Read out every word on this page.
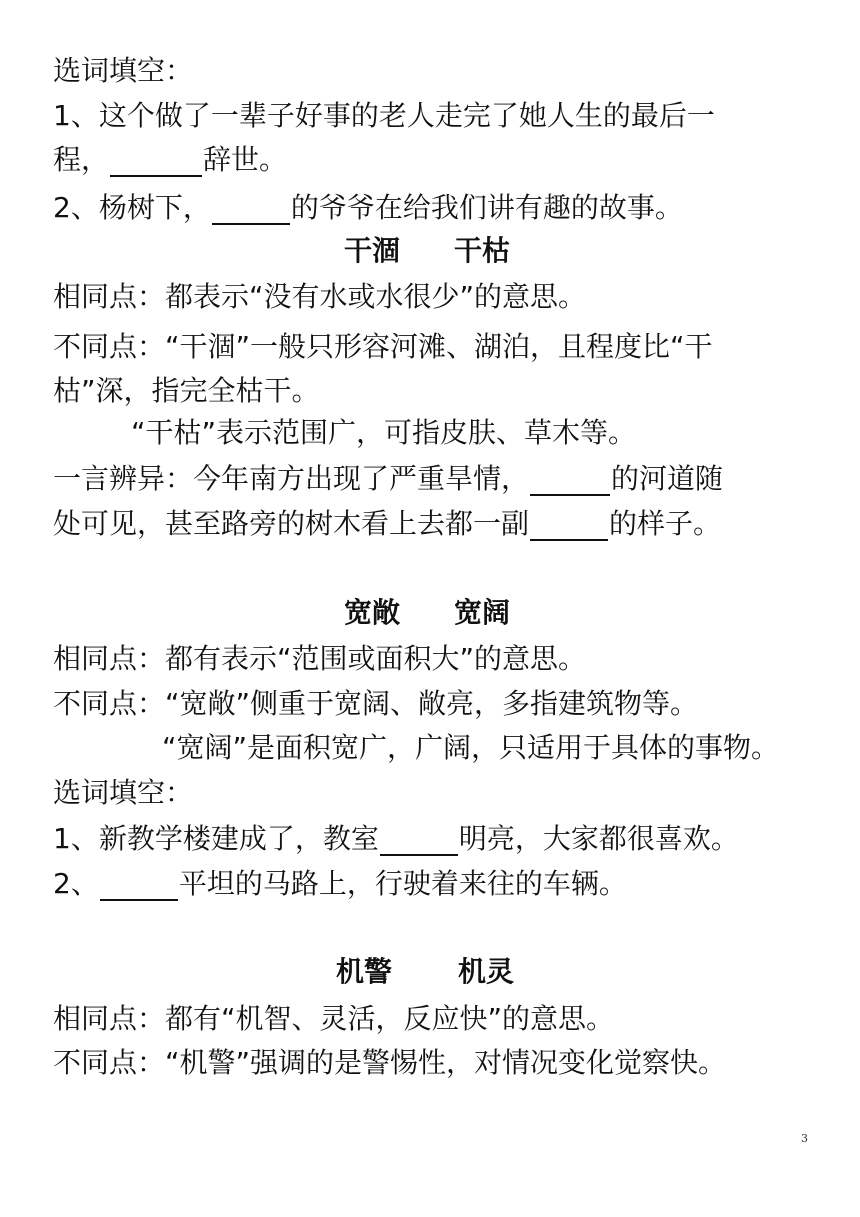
选词填空：
1、这个做了一辈子好事的老人走完了她人生的最后一
程，	辞世。
2、杨树下，	的爷爷在给我们讲有趣的故事。
干涸 干枯
相同点：都表示“没有水或水很少”的意思。
不同点：“干涸”一般只形容河滩、湖泊，且程度比“干
枯”深，指完全枯干。
“干枯”表示范围广，可指皮肤、草木等。
一言辨异：今年南方出现了严重旱情，	的河道随
处可见，甚至路旁的树木看上去都一副	的样子。
宽敞 宽阔
相同点：都有表示“范围或面积大”的意思。
不同点：“宽敞”侧重于宽阔、敞亮，多指建筑物等。
“宽阔”是面积宽广，广阔，只适用于具体的事物。
选词填空：
1、新教学楼建成了，教室	明亮，大家都很喜欢。
2、	平坦的马路上，行驶着来往的车辆。
机警 机灵
相同点：都有“机智、灵活，反应快”的意思。
不同点：“机警”强调的是警惕性，对情况变化觉察快。
3
